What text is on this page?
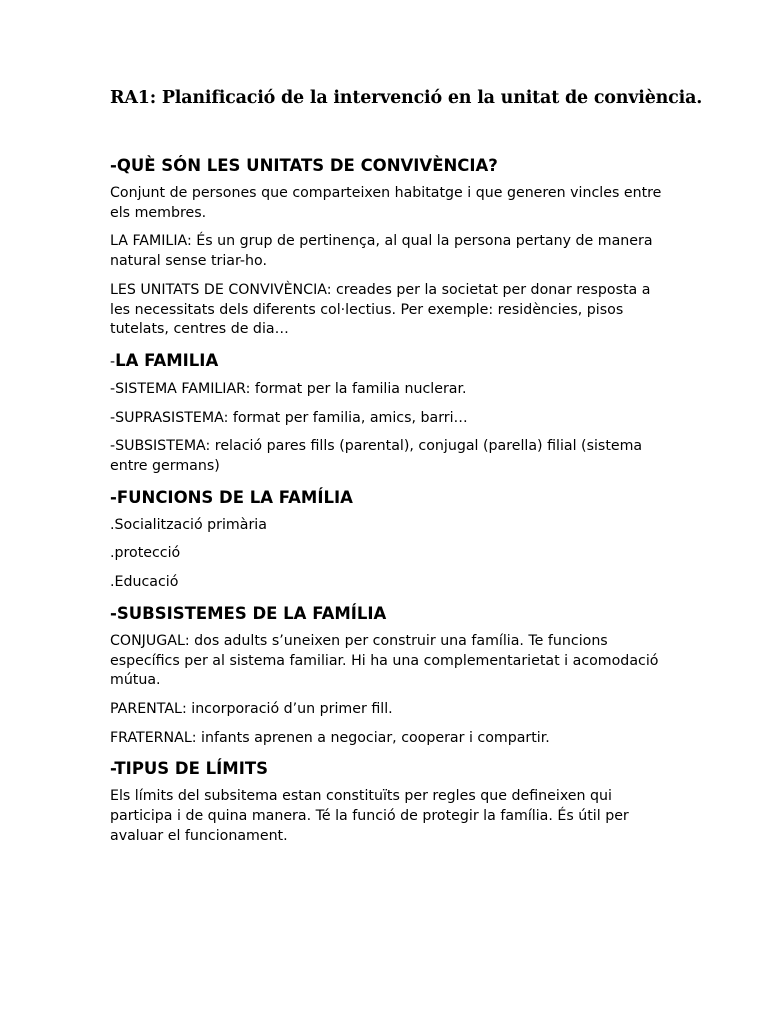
RA1: Planificació de la intervenció en la unitat de conviència.
-QUÈ SÓN LES UNITATS DE CONVIVÈNCIA?

Conjunt de persones que comparteixen habitatge i que generen vincles entre els membres.

LA FAMILIA: És un grup de pertinença, al qual la persona pertany de manera natural sense triar-ho.

LES UNITATS DE CONVIVÈNCIA: creades per la societat per donar resposta a les necessitats dels diferents col·lectius. Per exemple: residències, pisos tutelats, centres de dia…

-LA FAMILIA

-SISTEMA FAMILIAR: format per la familia nuclerar.

-SUPRASISTEMA: format per familia, amics, barri…

-SUBSISTEMA: relació pares fills (parental), conjugal (parella) filial (sistema entre germans)

-FUNCIONS DE LA FAMÍLIA

.Socialització primària

.protecció

.Educació

-SUBSISTEMES DE LA FAMÍLIA

CONJUGAL: dos adults s’uneixen per construir una família. Te funcions específics per al sistema familiar. Hi ha una complementarietat i acomodació mútua.

PARENTAL: incorporació d’un primer fill.

FRATERNAL: infants aprenen a negociar, cooperar i compartir.

-TIPUS DE LÍMITS

Els límits del subsitema estan constituïts per regles que defineixen qui participa i de quina manera. Té la funció de protegir la família. És útil per avaluar el funcionament.
